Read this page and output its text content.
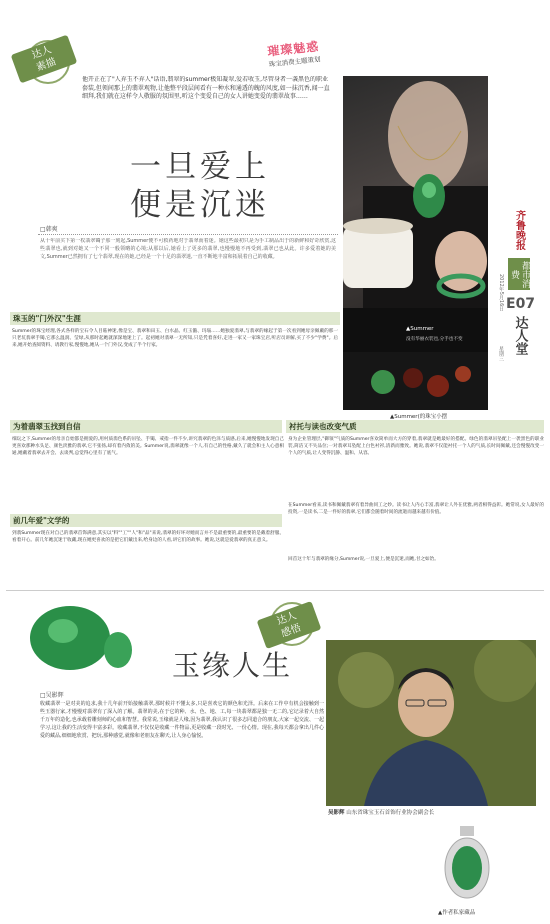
达人
素描
璀璨魅惑
珠宝消费主题策划
他开正在了"人弃玉不弃人"话语,翡翠的summer极知凝翠,爱若收玉,尽管身者一袭黑色的职业套装,但领间那上的翡翠观物,让他整平段层间看有一种水和通透的魄的风度,如一抹沉香,闻一直细拜,我们就在这样令人敬服的氛围里,听这个变爱自己的女人讲她变爱的翡翠故事……
一旦爱上
便是沉迷
□韩爽
从十年前买下第一枚翡翠镯子那一刻起,Summer便不可救药地对于翡翠而着迷。她这些最初只是为手工制品出于的新鲜和好奇欣赏,这些翡翠也,就到对她又一个不同一般领略的心境;从那以后,她看上了更多的翡翠,也慢慢地不再受到,翡翠已也从此。许多爱着她的美文,Summer已然拥有了七个翡翠,现在的她,已经是一个十足的翡翠迷,一直不断地丰富和拓展着自己的收藏。
齐鲁晚报
都市消费
E07
达人堂
2012年5月16日
星期三
珠玉的"门外汉"生涯
Summer的珠宝经理,各式各样的宝石令人目眩神迷,像是宝、翡翠和田玉、白水晶、红玉髓、玛瑙……她独爱翡翠,与翡翠的缘起于第一次看到她母亲佩戴的那一只老坑翡翠手镯,它那么温润、莹绿,从那时起她就深深地迷上了。起初她对翡翠一无所知,只是凭着喜好,走进一家又一家珠宝店,听店员讲解,买了不少"学费"。后来,她开始查阅资料、请教行家,慢慢地,她从一个门外汉,变成了半个行家。
▲Summer
没有华丽衣装也,分手也不变
▲Summer(的珠宝小摆
为着翡翠玉找到自信
细玩之下,Summer的母亲自始都是拥爱的,用村质翡色系的吊坠、手镯、戒指一件不少,讲究翡翠的色泽与质感,后来,她慢慢地发现自己更喜欢那种水头足、颜色淡雅的翡翠,它不张扬,却有着内敛的美。Summer说,翡翠就像一个人,有自己的性格,戴久了就会和主人心意相通,她戴着翡翠去开会、去谈判,总觉得心里有了底气。
前几年爱"文学的
到翡Summer现在对自己的翡翠首饰满意,其实以"料""工""人"和"品"来说,翡翠的好坏对她而言并不是最重要的,最重要的是戴着舒服、看着开心。前几年她沉迷于收藏,现在她更喜欢的是把它们戴出来,给身边的人看,讲它们的故事。她说,这就是爱翡翠的真正意义。
衬托与读也改变气质
身为企业管理层,"御领"气质的Summer喜欢简单而大方的穿着,翡翠就是她最好的搭配。绿色的翡翠吊坠配上一袭黑色的职业装,简洁又不失品位;一对翡翠耳坠配上白色衬衫,清新而雅致。她说,翡翠不仅能衬托一个人的气质,长时间佩戴,还会慢慢改变一个人的气质,让人变得沉静、温和、从容。
在Summer看来,读书和佩戴翡翠有着异曲同工之妙。读书让人内心丰富,翡翠让人外在优雅,两者相得益彰。她常说,女人最好的投资,一是读书,二是一件好的翡翠,它们都会随着时间的流逝而越来越有价值。
回首这十年与翡翠的缘分,Summer说,一旦爱上,便是沉迷,而她,甘之如饴。
达人
感悟
玉缘人生
□吴影辉
吴影辉 山东省珠宝玉石首饰行业协会副会长
收藏翡翠一是对美的追求,我十几年前开始接触翡翠,那时候并不懂太多,只是喜欢它的颜色和光泽。后来在工作中有机会接触到一些玉器行家,才慢慢对翡翠有了深入的了解。翡翠的美,在于它的种、水、色、地、工,每一块翡翠都是独一无二的,它记录着大自然千万年的造化,也承载着雕刻师的心血和智慧。我常说,玉缘就是人缘,因为翡翠,我认识了很多志同道合的朋友,大家一起交流、一起学习,这让我的生活变得丰富多彩。收藏翡翠,不仅仅是收藏一件物品,更是收藏一段时光、一份心情。现在,我每天都会拿出几件心爱的藏品,细细地欣赏、把玩,那种感觉,就像和老朋友在聊天,让人身心愉悦。
▲作者私家藏品
